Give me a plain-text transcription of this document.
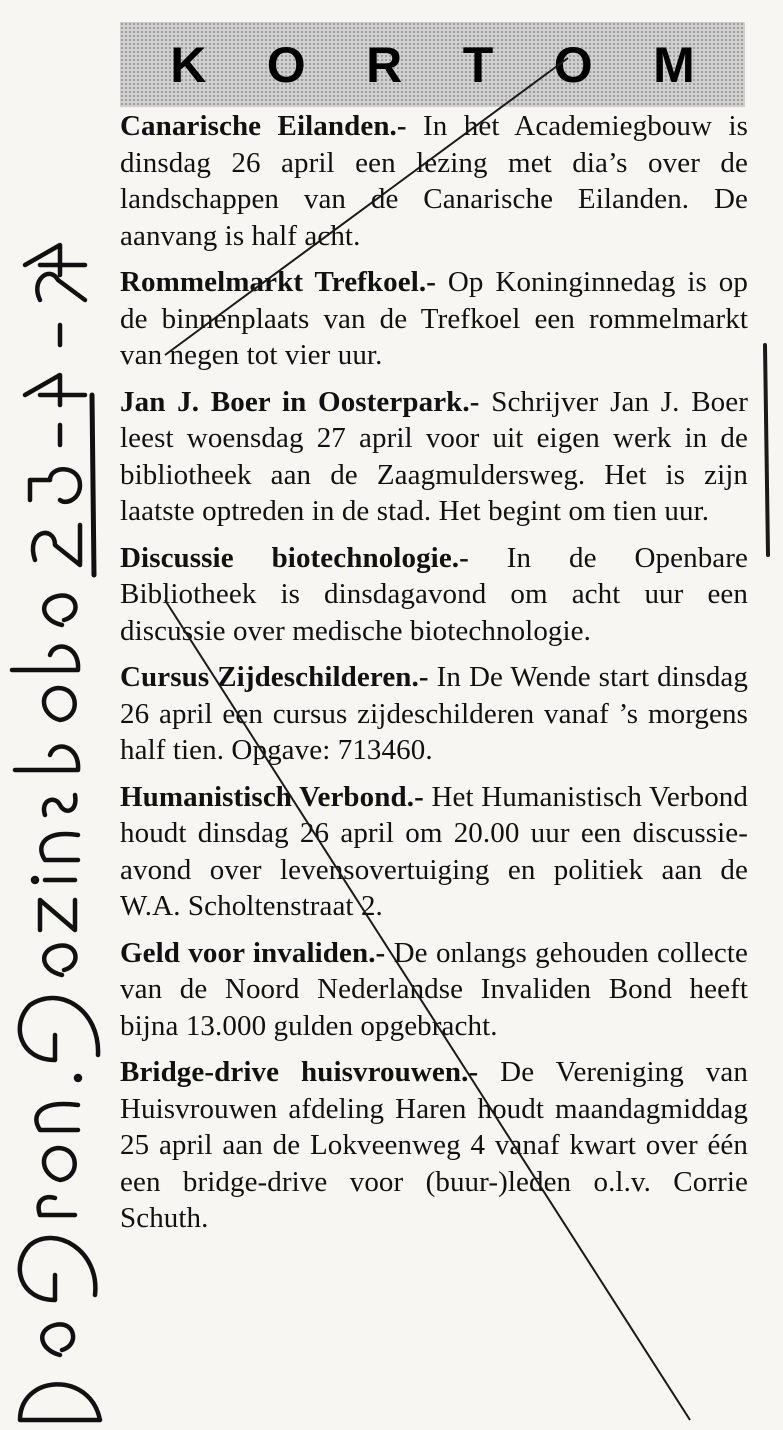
K O R T O M

Canarische Eilanden.- In het Academiegbouw is dinsdag 26 april een lezing met dia’s over de landschappen van de Canarische Eilanden. De aanvang is half acht.

Rommelmarkt Trefkoel.- Op Koninginnedag is op de binnenplaats van de Trefkoel een rommelmarkt van negen tot vier uur.

Jan J. Boer in Oosterpark.- Schrijver Jan J. Boer leest woensdag 27 april voor uit eigen werk in de bibliotheek aan de Zaagmuldersweg. Het is zijn laatste optreden in de stad. Het begint om tien uur.

Discussie biotechnologie.- In de Openbare Bibliotheek is dinsdagavond om acht uur een discussie over medische biotechnologie.

Cursus Zijdeschilderen.- In De Wende start dinsdag 26 april een cursus zijdeschilderen vanaf ’s morgens half tien. Opgave: 713460.

Humanistisch Verbond.- Het Humanistisch Verbond houdt dinsdag 26 april om 20.00 uur een discussie-avond over levensovertuiging en politiek aan de W.A. Scholtenstraat 2.

Geld voor invaliden.- De onlangs gehouden collecte van de Noord Nederlandse Invaliden Bond heeft bijna 13.000 gulden opgebracht.

Bridge-drive huisvrouwen.- De Vereniging van Huisvrouwen afdeling Haren houdt maandagmiddag 25 april aan de Lokveenweg 4 vanaf kwart over één een bridge-drive voor (buur-)leden o.l.v. Corrie Schuth.
